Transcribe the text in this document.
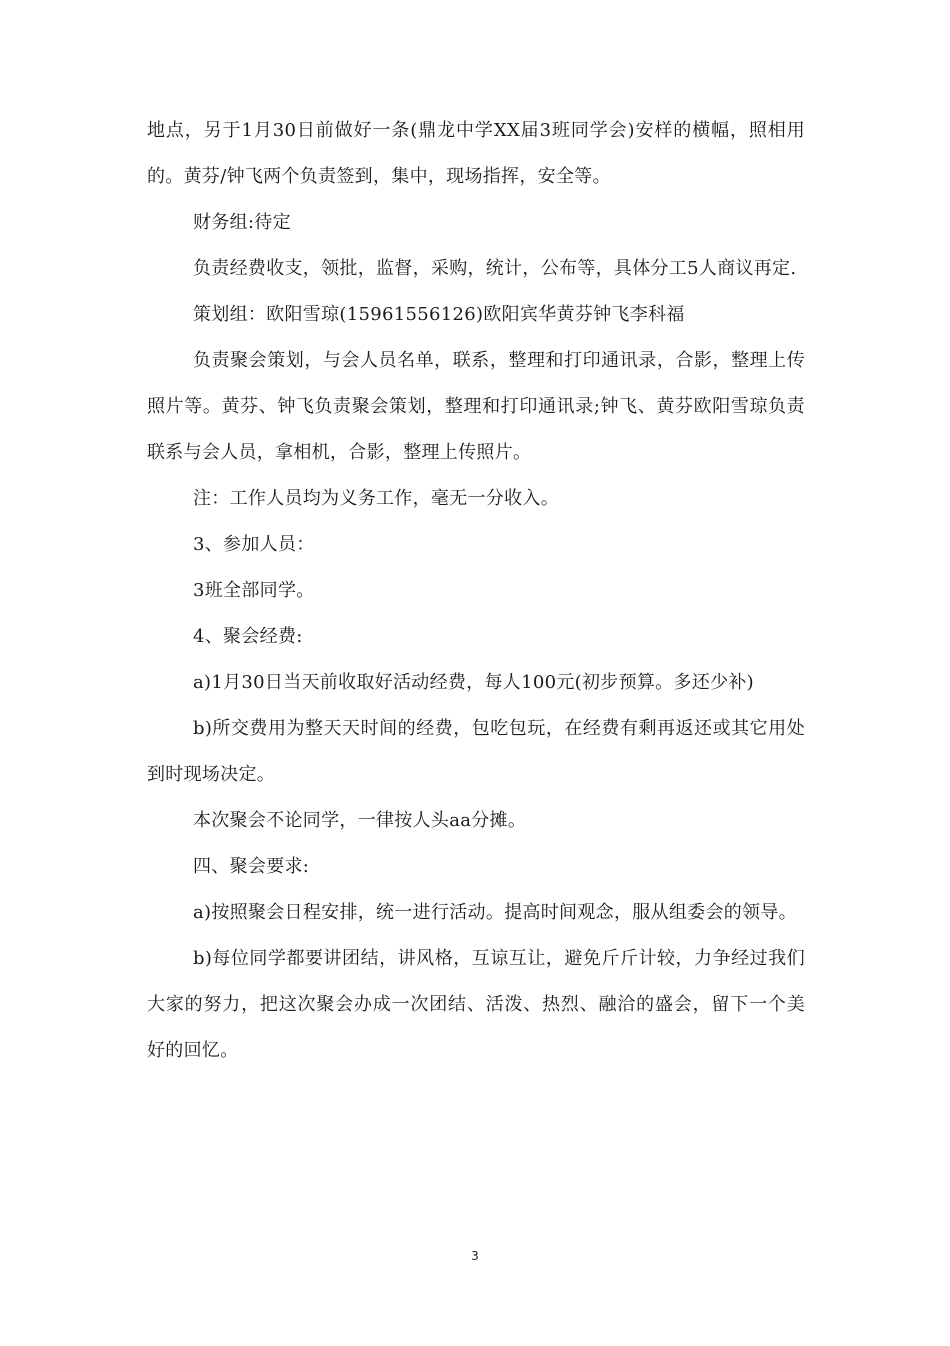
地点，另于1月30日前做好一条(鼎龙中学XX届3班同学会)安样的横幅，照相用的。黄芬/钟飞两个负责签到，集中，现场指挥，安全等。

财务组:待定

负责经费收支，领批，监督，采购，统计，公布等，具体分工5人商议再定.

策划组：欧阳雪琼(15961556126)欧阳宾华黄芬钟飞李科福

负责聚会策划，与会人员名单，联系，整理和打印通讯录，合影，整理上传照片等。黄芬、钟飞负责聚会策划，整理和打印通讯录;钟飞、黄芬欧阳雪琼负责联系与会人员，拿相机，合影，整理上传照片。

注：工作人员均为义务工作，毫无一分收入。

3、参加人员：

3班全部同学。

4、聚会经费:

a)1月30日当天前收取好活动经费，每人100元(初步预算。多还少补)

b)所交费用为整天天时间的经费，包吃包玩，在经费有剩再返还或其它用处到时现场决定。

本次聚会不论同学，一律按人头aa分摊。

四、聚会要求:

a)按照聚会日程安排，统一进行活动。提高时间观念，服从组委会的领导。

b)每位同学都要讲团结，讲风格，互谅互让，避免斤斤计较，力争经过我们大家的努力，把这次聚会办成一次团结、活泼、热烈、融洽的盛会，留下一个美好的回忆。

3
